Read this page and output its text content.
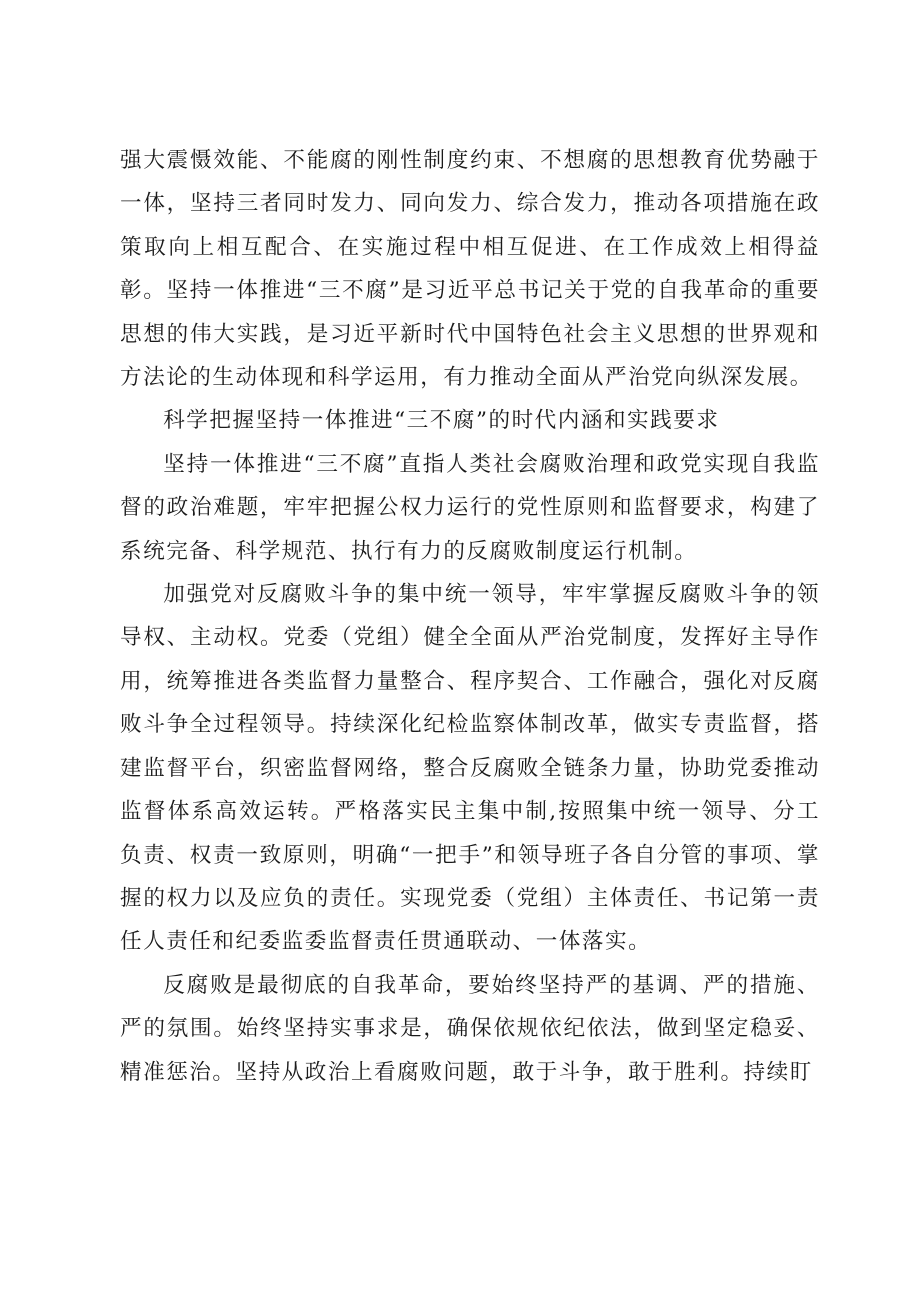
强大震慑效能、不能腐的刚性制度约束、不想腐的思想教育优势融于一体，坚持三者同时发力、同向发力、综合发力，推动各项措施在政策取向上相互配合、在实施过程中相互促进、在工作成效上相得益彰。坚持一体推进“三不腐”是习近平总书记关于党的自我革命的重要思想的伟大实践，是习近平新时代中国特色社会主义思想的世界观和方法论的生动体现和科学运用，有力推动全面从严治党向纵深发展。

科学把握坚持一体推进“三不腐”的时代内涵和实践要求

坚持一体推进“三不腐”直指人类社会腐败治理和政党实现自我监督的政治难题，牢牢把握公权力运行的党性原则和监督要求，构建了系统完备、科学规范、执行有力的反腐败制度运行机制。

加强党对反腐败斗争的集中统一领导，牢牢掌握反腐败斗争的领导权、主动权。党委（党组）健全全面从严治党制度，发挥好主导作用，统筹推进各类监督力量整合、程序契合、工作融合，强化对反腐败斗争全过程领导。持续深化纪检监察体制改革，做实专责监督，搭建监督平台，织密监督网络，整合反腐败全链条力量，协助党委推动监督体系高效运转。严格落实民主集中制,按照集中统一领导、分工负责、权责一致原则，明确“一把手”和领导班子各自分管的事项、掌握的权力以及应负的责任。实现党委（党组）主体责任、书记第一责任人责任和纪委监委监督责任贯通联动、一体落实。

反腐败是最彻底的自我革命，要始终坚持严的基调、严的措施、严的氛围。始终坚持实事求是，确保依规依纪依法，做到坚定稳妥、精准惩治。坚持从政治上看腐败问题，敢于斗争，敢于胜利。持续盯
